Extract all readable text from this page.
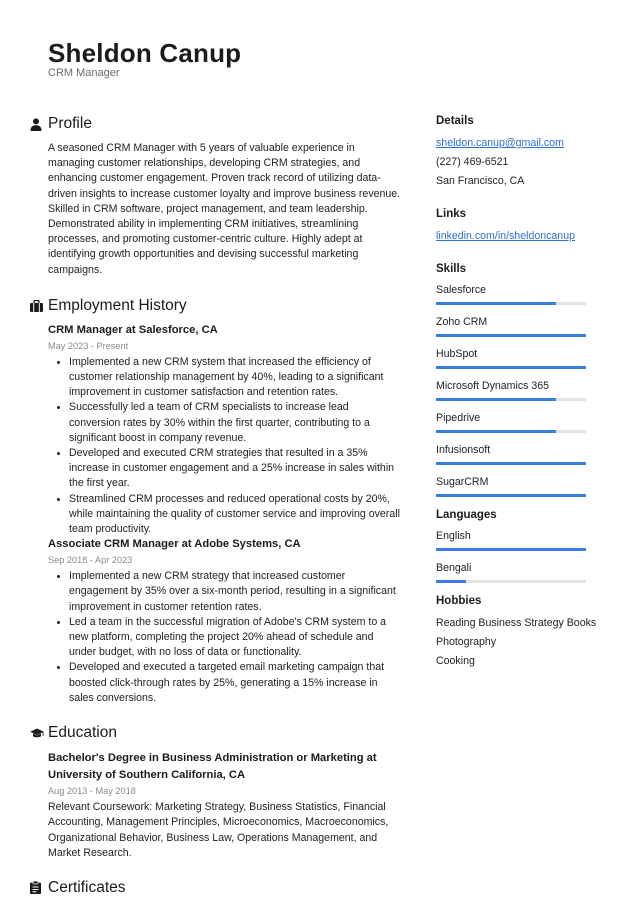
Sheldon Canup
CRM Manager
Profile
A seasoned CRM Manager with 5 years of valuable experience in managing customer relationships, developing CRM strategies, and enhancing customer engagement. Proven track record of utilizing data-driven insights to increase customer loyalty and improve business revenue. Skilled in CRM software, project management, and team leadership. Demonstrated ability in implementing CRM initiatives, streamlining processes, and promoting customer-centric culture. Highly adept at identifying growth opportunities and devising successful marketing campaigns.
Employment History
CRM Manager at Salesforce, CA
May 2023 - Present
• Implemented a new CRM system that increased the efficiency of customer relationship management by 40%, leading to a significant improvement in customer satisfaction and retention rates.
• Successfully led a team of CRM specialists to increase lead conversion rates by 30% within the first quarter, contributing to a significant boost in company revenue.
• Developed and executed CRM strategies that resulted in a 35% increase in customer engagement and a 25% increase in sales within the first year.
• Streamlined CRM processes and reduced operational costs by 20%, while maintaining the quality of customer service and improving overall team productivity.
Associate CRM Manager at Adobe Systems, CA
Sep 2018 - Apr 2023
• Implemented a new CRM strategy that increased customer engagement by 35% over a six-month period, resulting in a significant improvement in customer retention rates.
• Led a team in the successful migration of Adobe's CRM system to a new platform, completing the project 20% ahead of schedule and under budget, with no loss of data or functionality.
• Developed and executed a targeted email marketing campaign that boosted click-through rates by 25%, generating a 15% increase in sales conversions.
Education
Bachelor's Degree in Business Administration or Marketing at University of Southern California, CA
Aug 2013 - May 2018
Relevant Coursework: Marketing Strategy, Business Statistics, Financial Accounting, Management Principles, Microeconomics, Macroeconomics, Organizational Behavior, Business Law, Operations Management, and Market Research.
Certificates
Details
sheldon.canup@gmail.com
(227) 469-6521
San Francisco, CA
Links
linkedin.com/in/sheldoncanup
Skills
Salesforce
Zoho CRM
HubSpot
Microsoft Dynamics 365
Pipedrive
Infusionsoft
SugarCRM
Languages
English
Bengali
Hobbies
Reading Business Strategy Books
Photography
Cooking
